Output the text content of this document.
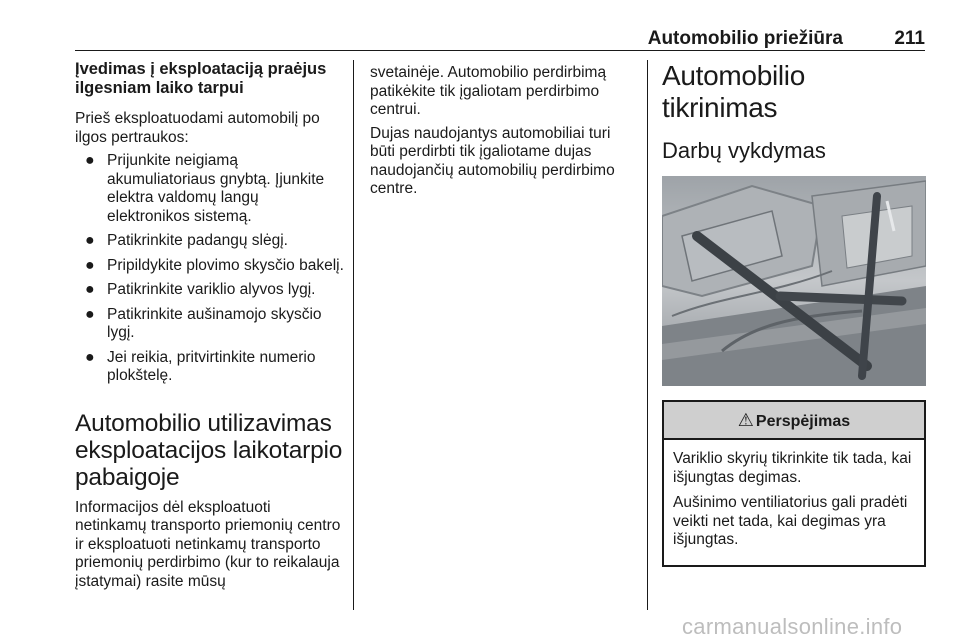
Automobilio priežiūra	211
Įvedimas į eksploataciją praėjus ilgesniam laiko tarpui

Prieš eksploatuodami automobilį po ilgos pertraukos:

● Prijunkite neigiamą akumuliatoriaus gnybtą. Įjunkite elektra valdomų langų elektronikos sistemą.
● Patikrinkite padangų slėgį.
● Pripildykite plovimo skysčio bakelį.
● Patikrinkite variklio alyvos lygį.
● Patikrinkite aušinamojo skysčio lygį.
● Jei reikia, pritvirtinkite numerio plokštelę.
Automobilio utilizavimas eksploatacijos laikotarpio pabaigoje

Informacijos dėl eksploatuoti netinkamų transporto priemonių centro ir eksploatuoti netinkamų transporto priemonių perdirbimo (kur to reikalauja įstatymai) rasite mūsų

svetainėje. Automobilio perdirbimą patikėkite tik įgaliotam perdirbimo centrui.

Dujas naudojantys automobiliai turi būti perdirbti tik įgaliotame dujas naudojančių automobilių perdirbimo centre.

Automobilio tikrinimas
Darbų vykdymas
⚠ Perspėjimas

Variklio skyrių tikrinkite tik tada, kai išjungtas degimas.

Aušinimo ventiliatorius gali pradėti veikti net tada, kai degimas yra išjungtas.

carmanualsonline.info
